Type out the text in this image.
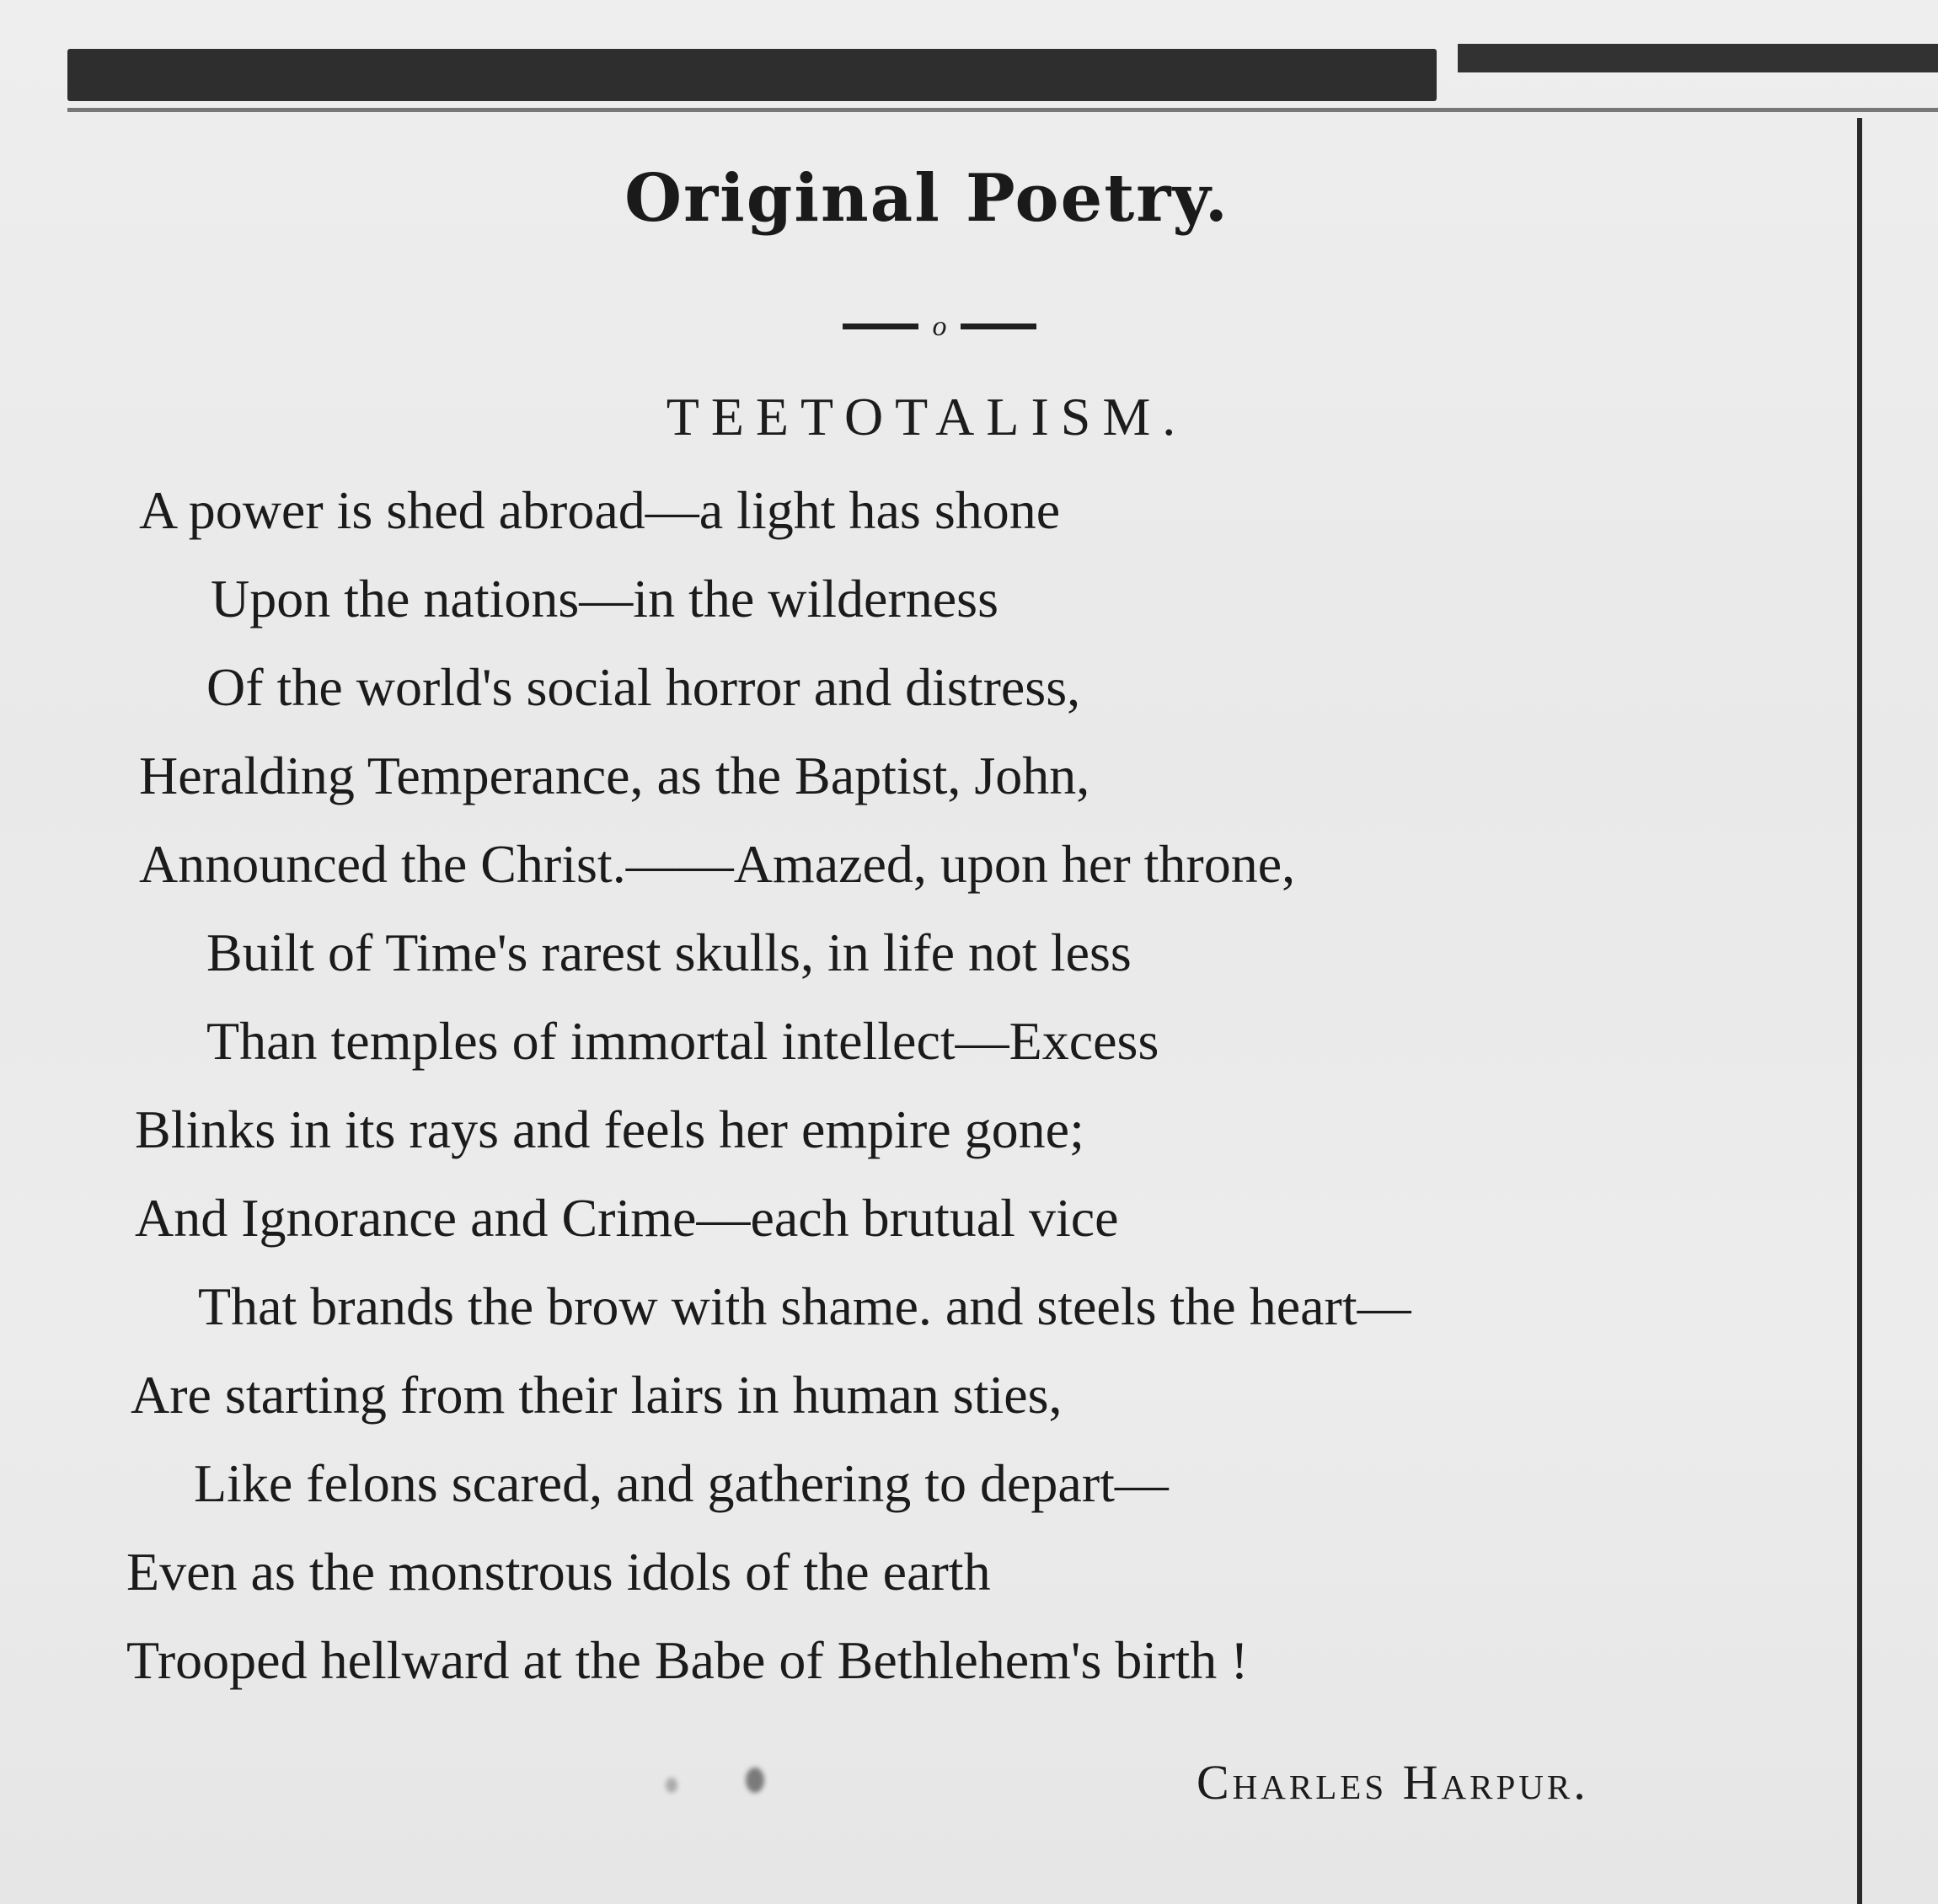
Original Poetry.
o
TEETOTALISM.
A power is shed abroad—a light has shone
Upon the nations—in the wilderness
Of the world's social horror and distress,
Heralding Temperance, as the Baptist, John,
Announced the Christ.——Amazed, upon her throne,
Built of Time's rarest skulls, in life not less
Than temples of immortal intellect—Excess
Blinks in its rays and feels her empire gone;
And Ignorance and Crime—each brutual vice
That brands the brow with shame. and steels the heart—
Are starting from their lairs in human sties,
Like felons scared, and gathering to depart—
Even as the monstrous idols of the earth
Trooped hellward at the Babe of Bethlehem's birth !
Charles Harpur.
